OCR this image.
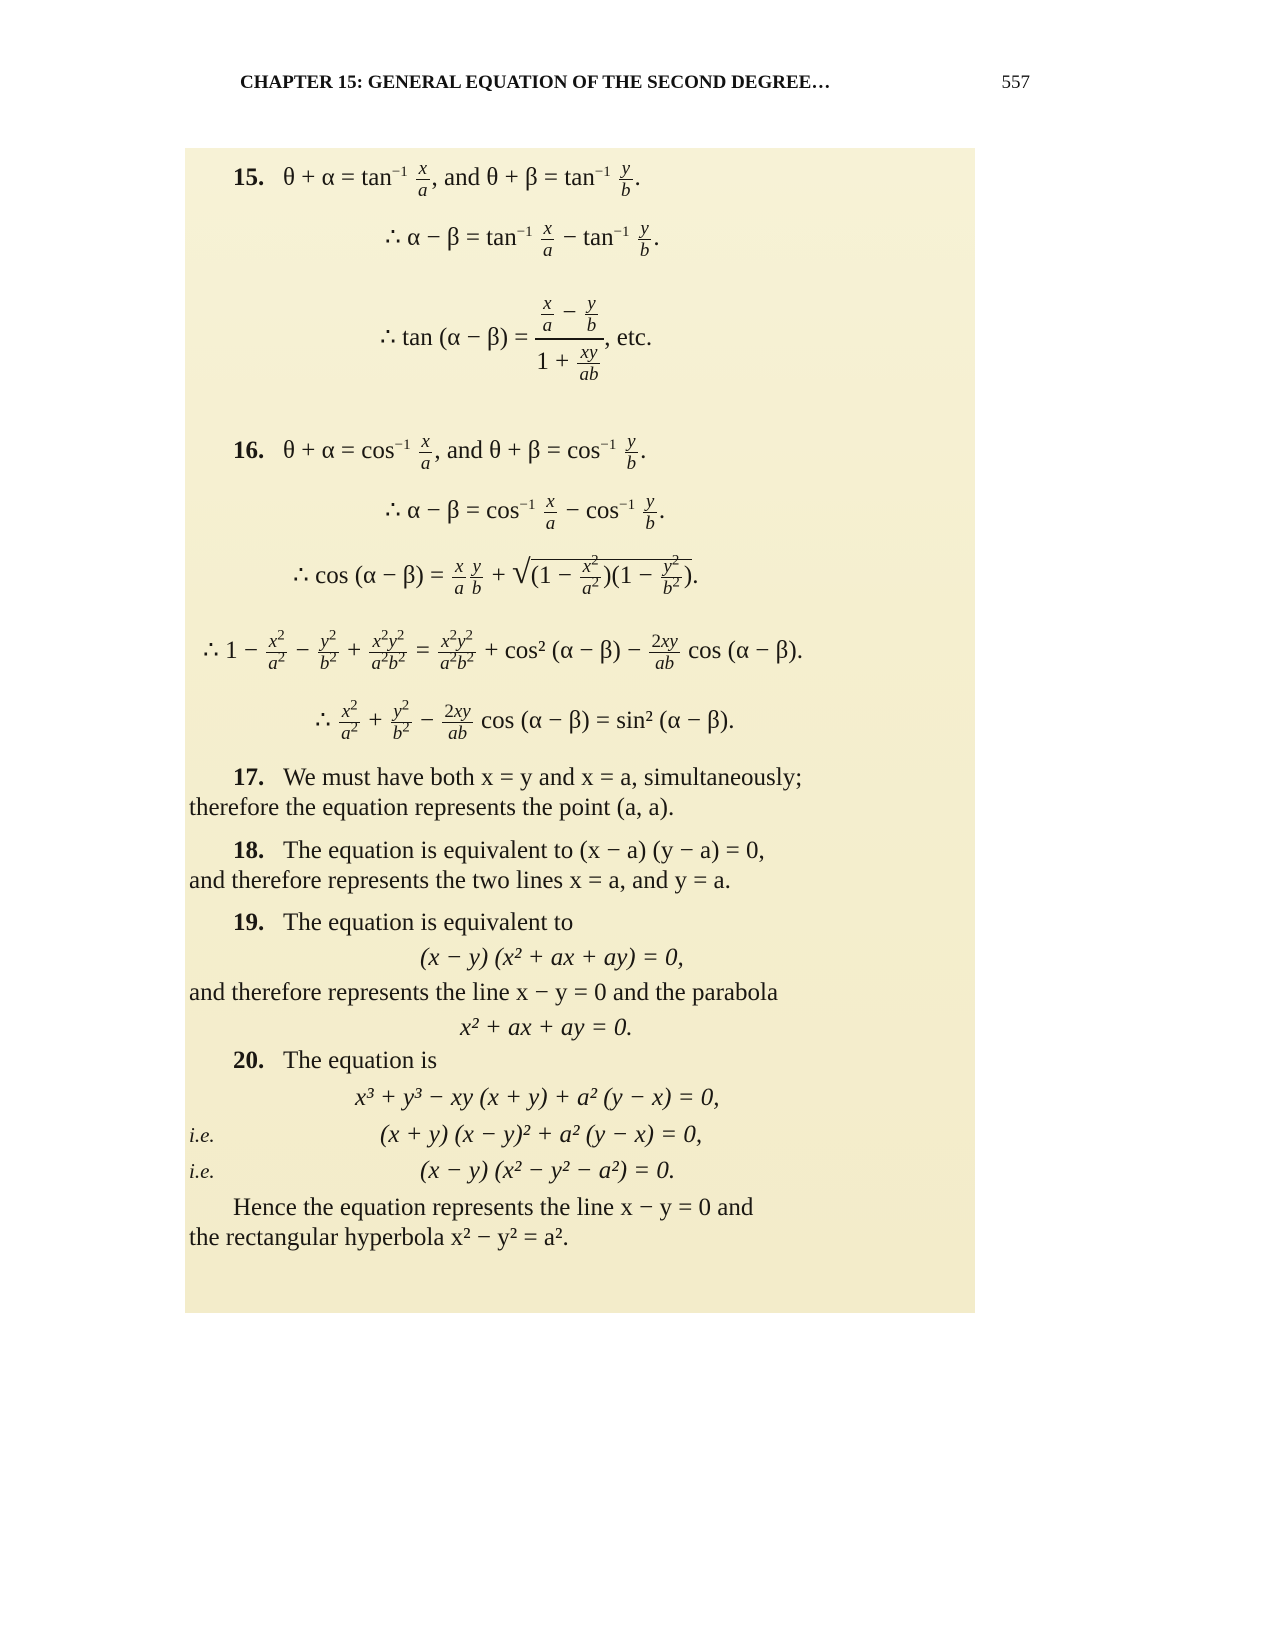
CHAPTER 15: GENERAL EQUATION OF THE SECOND DEGREE…	557
15. $\theta + \alpha = \tan^{-1} \frac{x}{a}$ , and $\theta + \beta = \tan^{-1} \frac{y}{b}$ .
∴ $\alpha - \beta = \tan^{-1} \frac{x}{a} - \tan^{-1} \frac{y}{b}$ .
∴ tan (α − β) =
$\frac{x}{a} - \frac{y}{b}$
$1 + \frac{xy}{ab}$
, etc.
16. $\theta + \alpha = \cos^{-1} \frac{x}{a}$ , and $\theta + \beta = \cos^{-1} \frac{y}{b}$ .
∴ $\alpha - \beta = \cos^{-1} \frac{x}{a} - \cos^{-1} \frac{y}{b}$ .
∴ $\cos (\alpha - \beta) = \frac{x}{a} \frac{y}{b} + √(1 - \frac{x^2}{a^2} )(1 - \frac{y^2}{b^2}$ ).
∴ $1 - \frac{x^2}{a^2} - \frac{y^2}{b^2} + \frac{x^2y^2}{a^2b^2} = \frac{x^2y^2}{a^2b^2} + \cos^2$ $(\alpha - \beta) - \frac{2xy}{ab}$ cos (α − β).
∴ $\frac{x^2}{a^2} + \frac{y^2}{b^2} - \frac{2xy}{ab}$ cos (α − β) = sin² (α − β).
17. We must have both x = y and x = a, simultaneously;
therefore the equation represents the point (a, a).
18. The equation is equivalent to (x − a) (y − a) = 0,
and therefore represents the two lines x = a, and y = a.
19. The equation is equivalent to
(x − y) (x² + ax + ay) = 0,
and therefore represents the line x − y = 0 and the parabola
x² + ax + ay = 0.
20. The equation is
x³ + y³ − xy (x + y) + a² (y − x) = 0,
i.e.	(x + y) (x − y)² + a² (y − x) = 0,
i.e.	(x − y) (x² − y² − a²) = 0.
Hence the equation represents the line x − y = 0 and
the rectangular hyperbola x² − y² = a².
